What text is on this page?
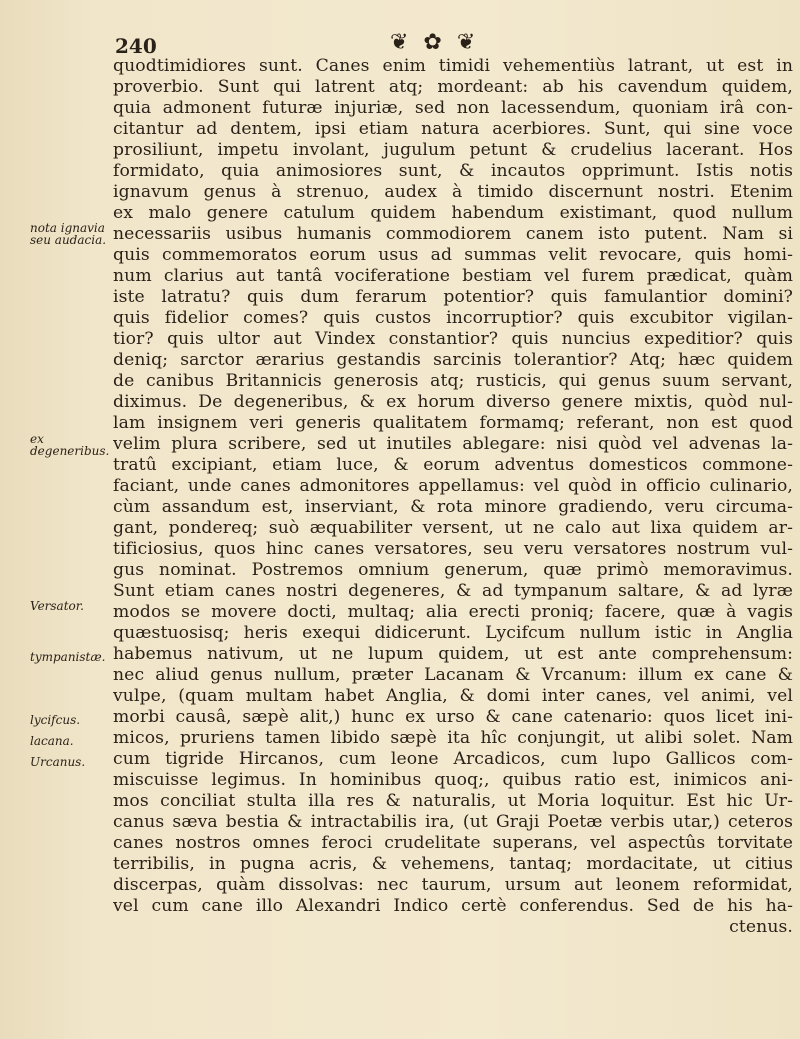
240	❦ ✿ ❦
nota ignavia seu audacia.
ex degeneribus.
Versator.
tympanistæ.
lycifcus.
lacana.
Urcanus.
quodtimidiores sunt. Canes enim timidi vehementiùs latrant, ut est in
proverbio. Sunt qui latrent atq; mordeant: ab his cavendum quidem,
quia admonent futuræ injuriæ, sed non lacessendum, quoniam irâ con-
citantur ad dentem, ipsi etiam natura acerbiores. Sunt, qui sine voce
prosiliunt, impetu involant, jugulum petunt & crudelius lacerant. Hos
formidato, quia animosiores sunt, & incautos opprimunt. Istis notis
ignavum genus à strenuo, audex à timido discernunt nostri. Etenim
ex malo genere catulum quidem habendum existimant, quod nullum
necessariis usibus humanis commodiorem canem isto putent. Nam si
quis commemoratos eorum usus ad summas velit revocare, quis homi-
num clarius aut tantâ vociferatione bestiam vel furem prædicat, quàm
iste latratu? quis dum ferarum potentior? quis famulantior domini?
quis fidelior comes? quis custos incorruptior? quis excubitor vigilan-
tior? quis ultor aut Vindex constantior? quis nuncius expeditior? quis
deniq; sarctor ærarius gestandis sarcinis tolerantior? Atq; hæc quidem
de canibus Britannicis generosis atq; rusticis, qui genus suum servant,
diximus. De degeneribus, & ex horum diverso genere mixtis, quòd nul-
lam insignem veri generis qualitatem formamq; referant, non est quod
velim plura scribere, sed ut inutiles ablegare: nisi quòd vel advenas la-
tratû excipiant, etiam luce, & eorum adventus domesticos commone-
faciant, unde canes admonitores appellamus: vel quòd in officio culinario,
cùm assandum est, inserviant, & rota minore gradiendo, veru circuma-
gant, pondereq; suò æquabiliter versent, ut ne calo aut lixa quidem ar-
tificiosius, quos hinc canes versatores, seu veru versatores nostrum vul-
gus nominat. Postremos omnium generum, quæ primò memoravimus.
Sunt etiam canes nostri degeneres, & ad tympanum saltare, & ad lyræ
modos se movere docti, multaq; alia erecti proniq; facere, quæ à vagis
quæstuosisq; heris exequi didicerunt. Lycifcum nullum istic in Anglia
habemus nativum, ut ne lupum quidem, ut est ante comprehensum:
nec aliud genus nullum, præter Lacanam & Vrcanum: illum ex cane &
vulpe, (quam multam habet Anglia, & domi inter canes, vel animi, vel
morbi causâ, sæpè alit,) hunc ex urso & cane catenario: quos licet ini-
micos, pruriens tamen libido sæpè ita hîc conjungit, ut alibi solet. Nam
cum tigride Hircanos, cum leone Arcadicos, cum lupo Gallicos com-
miscuisse legimus. In hominibus quoq;, quibus ratio est, inimicos ani-
mos conciliat stulta illa res & naturalis, ut Moria loquitur. Est hic Ur-
canus sæva bestia & intractabilis ira, (ut Graji Poetæ verbis utar,) ceteros
canes nostros omnes feroci crudelitate superans, vel aspectûs torvitate
terribilis, in pugna acris, & vehemens, tantaq; mordacitate, ut citius
discerpas, quàm dissolvas: nec taurum, ursum aut leonem reformidat,
vel cum cane illo Alexandri Indico certè conferendus. Sed de his ha-
ctenus.
